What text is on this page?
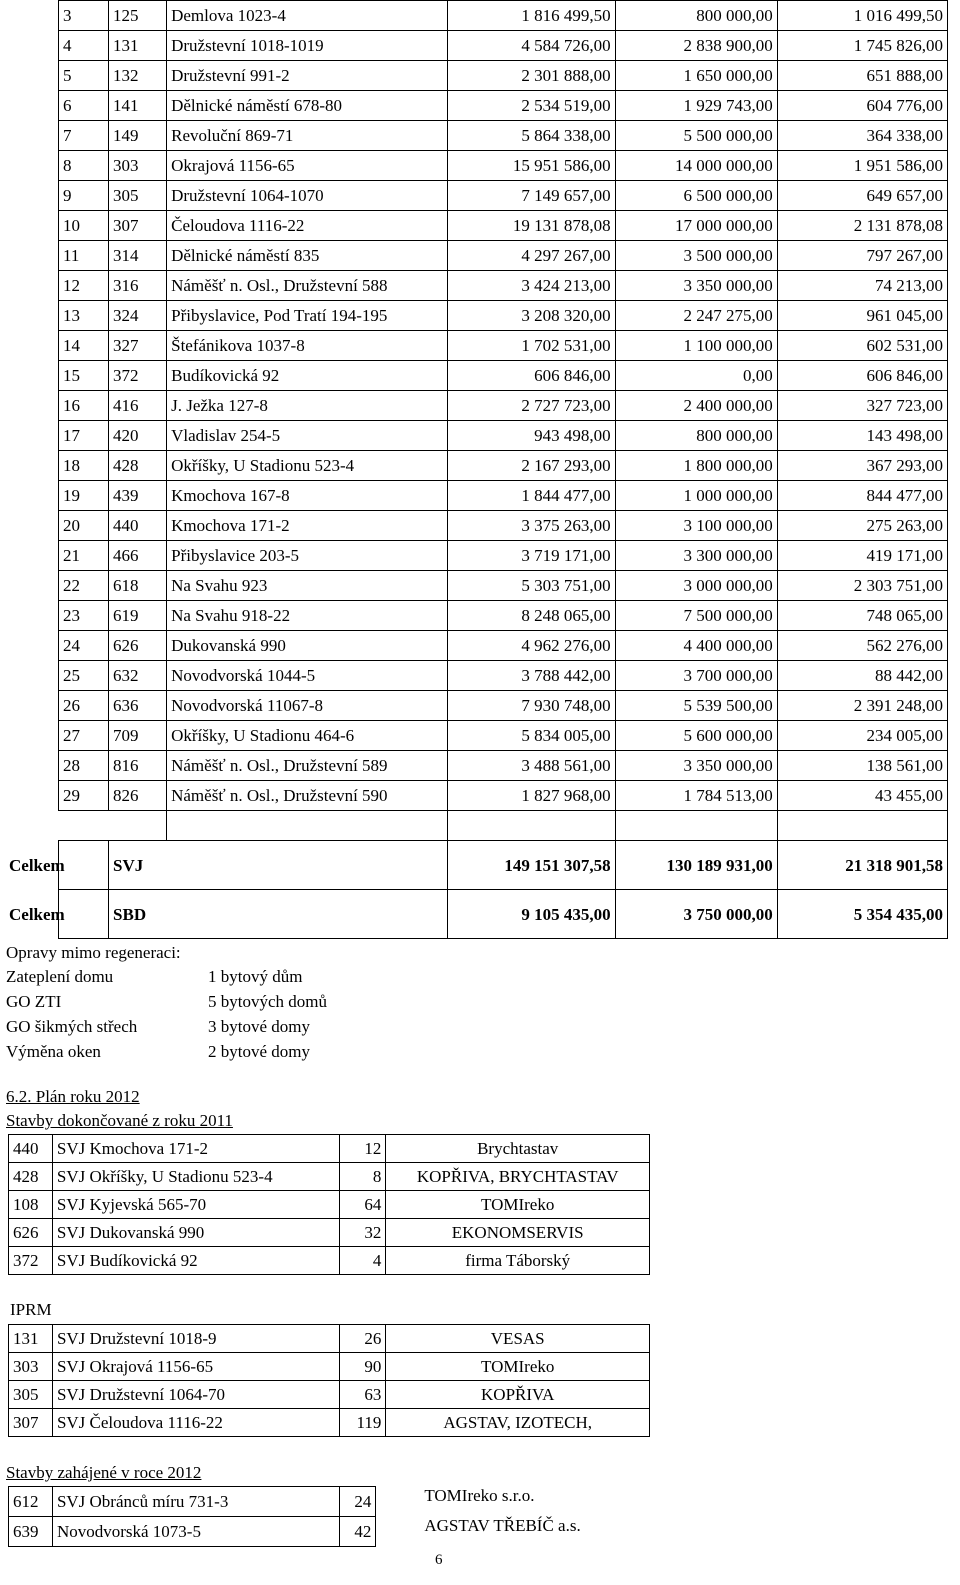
3	125	Demlova 1023-4	1 816 499,50	800 000,00	1 016 499,50
4	131	Družstevní 1018-1019	4 584 726,00	2 838 900,00	1 745 826,00
5	132	Družstevní 991-2	2 301 888,00	1 650 000,00	651 888,00
6	141	Dělnické náměstí 678-80	2 534 519,00	1 929 743,00	604 776,00
7	149	Revoluční 869-71	5 864 338,00	5 500 000,00	364 338,00
8	303	Okrajová 1156-65	15 951 586,00	14 000 000,00	1 951 586,00
9	305	Družstevní 1064-1070	7 149 657,00	6 500 000,00	649 657,00
10	307	Čeloudova 1116-22	19 131 878,08	17 000 000,00	2 131 878,08
11	314	Dělnické náměstí 835	4 297 267,00	3 500 000,00	797 267,00
12	316	Náměšť n. Osl., Družstevní 588	3 424 213,00	3 350 000,00	74 213,00
13	324	Přibyslavice, Pod Tratí 194-195	3 208 320,00	2 247 275,00	961 045,00
14	327	Štefánikova 1037-8	1 702 531,00	1 100 000,00	602 531,00
15	372	Budíkovická 92	606 846,00	0,00	606 846,00
16	416	J. Ježka 127-8	2 727 723,00	2 400 000,00	327 723,00
17	420	Vladislav 254-5	943 498,00	800 000,00	143 498,00
18	428	Okříšky, U Stadionu 523-4	2 167 293,00	1 800 000,00	367 293,00
19	439	Kmochova 167-8	1 844 477,00	1 000 000,00	844 477,00
20	440	Kmochova 171-2	3 375 263,00	3 100 000,00	275 263,00
21	466	Přibyslavice 203-5	3 719 171,00	3 300 000,00	419 171,00
22	618	Na Svahu 923	5 303 751,00	3 000 000,00	2 303 751,00
23	619	Na Svahu 918-22	8 248 065,00	7 500 000,00	748 065,00
24	626	Dukovanská 990	4 962 276,00	4 400 000,00	562 276,00
25	632	Novodvorská 1044-5	3 788 442,00	3 700 000,00	88 442,00
26	636	Novodvorská 11067-8	7 930 748,00	5 539 500,00	2 391 248,00
27	709	Okříšky, U Stadionu 464-6	5 834 005,00	5 600 000,00	234 005,00
28	816	Náměšť n. Osl., Družstevní 589	3 488 561,00	3 350 000,00	138 561,00
29	826	Náměšť n. Osl., Družstevní 590	1 827 968,00	1 784 513,00	43 455,00

Celkem	SVJ		149 151 307,58	130 189 931,00	21 318 901,58
Celkem	SBD		9 105 435,00	3 750 000,00	5 354 435,00
Opravy mimo regeneraci:
Zateplení domu	1 bytový dům
GO ZTI	5 bytových domů
GO šikmých střech	3 bytové domy
Výměna oken	2 bytové domy
6.2. Plán roku 2012
Stavby dokončované z roku 2011
440	SVJ Kmochova 171-2	12	Brychtastav
428	SVJ Okříšky, U Stadionu 523-4	8	KOPŘIVA, BRYCHTASTAV
108	SVJ Kyjevská 565-70	64	TOMIreko
626	SVJ Dukovanská 990	32	EKONOMSERVIS
372	SVJ Budíkovická 92	4	firma Táborský
IPRM
131	SVJ Družstevní 1018-9	26	VESAS
303	SVJ Okrajová 1156-65	90	TOMIreko
305	SVJ Družstevní 1064-70	63	KOPŘIVA
307	SVJ Čeloudova 1116-22	119	AGSTAV, IZOTECH,
Stavby zahájené v roce 2012
612	SVJ Obránců míru 731-3	24	TOMIreko s.r.o.
639	Novodvorská 1073-5	42	AGSTAV TŘEBÍČ a.s.
6
